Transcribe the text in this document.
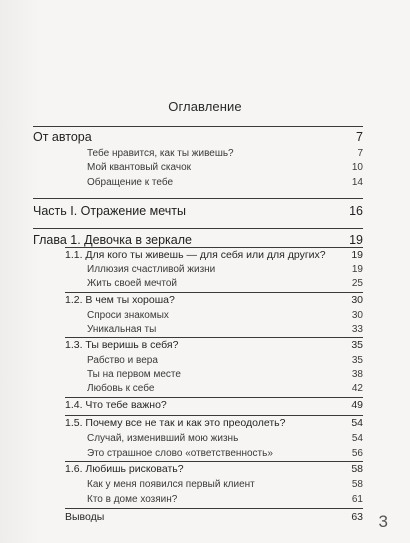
Оглавление
От автора	7
Тебе нравится, как ты живешь?	7
Мой квантовый скачок	10
Обращение к тебе	14
Часть I. Отражение мечты	16
Глава 1. Девочка в зеркале	19
1.1. Для кого ты живешь — для себя или для других? 19
Иллюзия счастливой жизни	19
Жить своей мечтой	25
1.2. В чем ты хороша?	30
Спроси знакомых	30
Уникальная ты	33
1.3. Ты веришь в себя?	35
Рабство и вера	35
Ты на первом месте	38
Любовь к себе	42
1.4. Что тебе важно?	49
1.5. Почему все не так и как это преодолеть?	54
Случай, изменивший мою жизнь	54
Это страшное слово «ответственность»	56
1.6. Любишь рисковать?	58
Как у меня появился первый клиент	58
Кто в доме хозяин?	61
Выводы	63 3
